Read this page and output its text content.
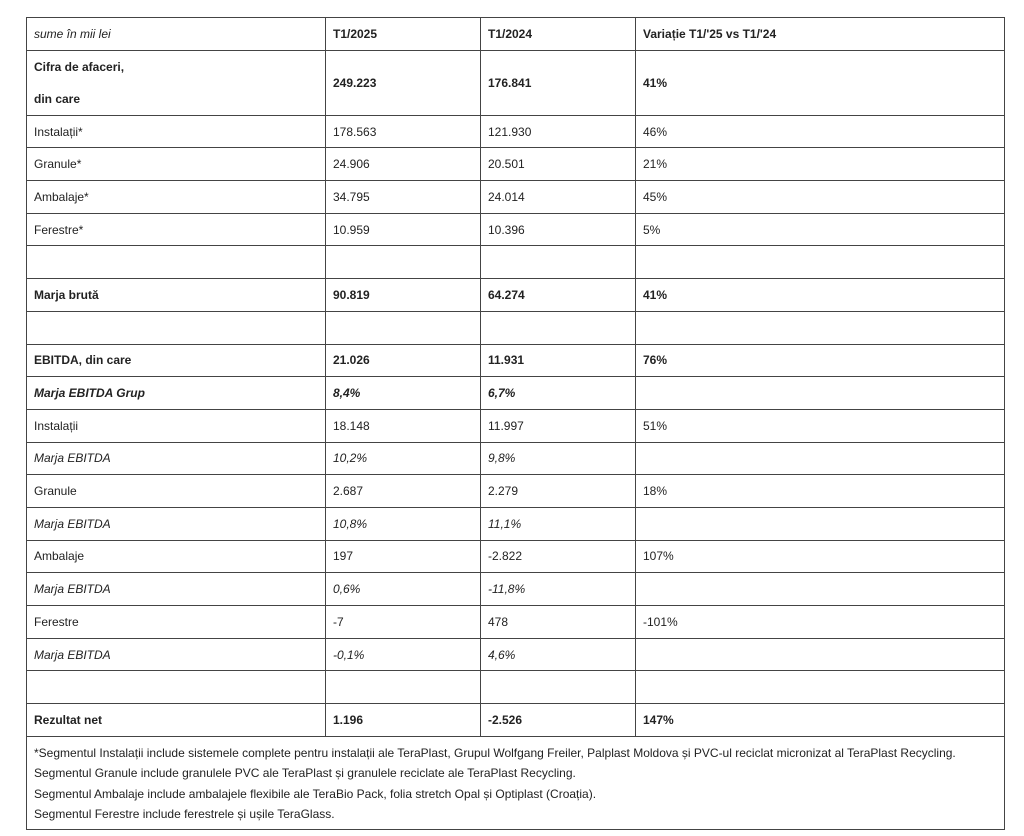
sume în mii lei	T1/2025	T1/2024	Variație T1/'25 vs T1/'24

Cifra de afaceri,
din care	249.223	176.841	41%
Instalații*	178.563	121.930	46%
Granule*	24.906	20.501	21%
Ambalaje*	34.795	24.014	45%
Ferestre*	10.959	10.396	5%

Marja brută	90.819	64.274	41%

EBITDA, din care	21.026	11.931	76%
Marja EBITDA Grup	8,4%	6,7%	
Instalații	18.148	11.997	51%
Marja EBITDA	10,2%	9,8%	
Granule	2.687	2.279	18%
Marja EBITDA	10,8%	11,1%	
Ambalaje	197	-2.822	107%
Marja EBITDA	0,6%	-11,8%	
Ferestre	-7	478	-101%
Marja EBITDA	-0,1%	4,6%	

Rezultat net	1.196	-2.526	147%

*Segmentul Instalații include sistemele complete pentru instalații ale TeraPlast, Grupul Wolfgang Freiler, Palplast Moldova și PVC-ul reciclat micronizat al TeraPlast Recycling.
Segmentul Granule include granulele PVC ale TeraPlast și granulele reciclate ale TeraPlast Recycling.
Segmentul Ambalaje include ambalajele flexibile ale TeraBio Pack, folia stretch Opal și Optiplast (Croația).
Segmentul Ferestre include ferestrele și ușile TeraGlass.			
